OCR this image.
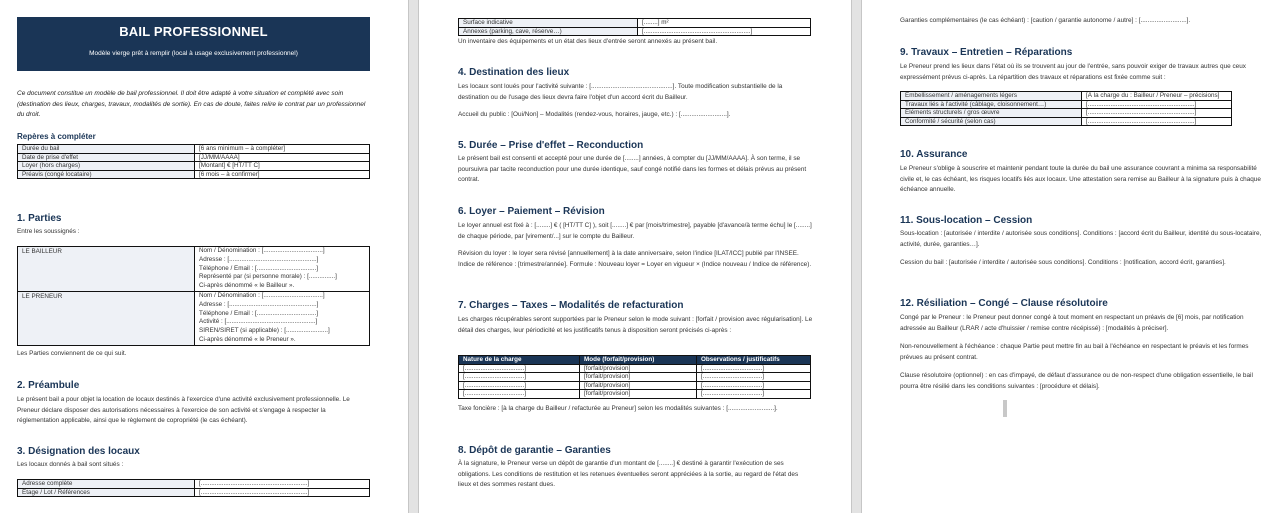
BAIL PROFESSIONNEL
Modèle vierge prêt à remplir (local à usage exclusivement professionnel)
Ce document constitue un modèle de bail professionnel. Il doit être adapté à votre situation et complété avec soin (destination des lieux, charges, travaux, modalités de sortie). En cas de doute, faites relire le contrat par un professionnel du droit.
Repères à compléter
Durée du bail	[6 ans minimum – à compléter]
Date de prise d'effet	[JJ/MM/AAAA]
Loyer (hors charges)	[Montant] € [HT/TT C]
Préavis (congé locataire)	[6 mois – à confirmer]
1. Parties

Entre les soussignés :

LE BAILLEUR	Nom / Dénomination : [..................................]
Adresse : [..................................................]
Téléphone / Email : [..................................]
Représenté par (si personne morale) : [...............]
Ci-après dénommé « le Bailleur ».

LE PRENEUR	Nom / Dénomination : [..................................]
Adresse : [..................................................]
Téléphone / Email : [..................................]
Activité : [...................................................]
SIREN/SIRET (si applicable) : [........................]
Ci-après dénommé « le Preneur ».

Les Parties conviennent de ce qui suit.

2. Préambule

Le présent bail a pour objet la location de locaux destinés à l'exercice d'une activité exclusivement professionnelle. Le Preneur déclare disposer des autorisations nécessaires à l'exercice de son activité et s'engage à respecter la réglementation applicable, ainsi que le règlement de copropriété (le cas échéant).

3. Désignation des locaux

Les locaux donnés à bail sont situés :

Adresse complète	[.............................................................]
Étage / Lot / Références	[.............................................................]
Surface indicative	[........] m²
Annexes (parking, cave, réserve…)	[.............................................................]

Un inventaire des équipements et un état des lieux d'entrée seront annexés au présent bail.

4. Destination des lieux

Les locaux sont loués pour l'activité suivante : [..............................................]. Toute modification substantielle de la destination ou de l'usage des lieux devra faire l'objet d'un accord écrit du Bailleur.

Accueil du public : [Oui/Non] – Modalités (rendez-vous, horaires, jauge, etc.) : [..........................].

5. Durée – Prise d'effet – Reconduction

Le présent bail est consenti et accepté pour une durée de [........] années, à compter du [JJ/MM/AAAA]. À son terme, il se poursuivra par tacite reconduction pour une durée identique, sauf congé notifié dans les formes et délais prévus au présent contrat.

6. Loyer – Paiement – Révision

Le loyer annuel est fixé à : [........] € ( [HT/TT C] ), soit [........] € par [mois/trimestre], payable [d'avance/à terme échu] le [........] de chaque période, par [virement/...] sur le compte du Bailleur.

Révision du loyer : le loyer sera révisé [annuellement] à la date anniversaire, selon l'indice [ILAT/ICC] publié par l'INSEE. Indice de référence : [trimestre/année]. Formule : Nouveau loyer = Loyer en vigueur × (Indice nouveau / Indice de référence).

7. Charges – Taxes – Modalités de refacturation

Les charges récupérables seront supportées par le Preneur selon le mode suivant : [forfait / provision avec régularisation]. Le détail des charges, leur périodicité et les justificatifs tenus à disposition seront précisés ci-après :

Nature de la charge	Mode (forfait/provision)	Observations / justificatifs
[..................................]	[forfait/provision]	[..................................]
[..................................]	[forfait/provision]	[..................................]
[..................................]	[forfait/provision]	[..................................]
[..................................]	[forfait/provision]	[..................................]

Taxe foncière : [à la charge du Bailleur / refacturée au Preneur] selon les modalités suivantes : [..........................].

8. Dépôt de garantie – Garanties

À la signature, le Preneur verse un dépôt de garantie d'un montant de [........] € destiné à garantir l'exécution de ses obligations. Les conditions de restitution et les retenues éventuelles seront appréciées à la sortie, au regard de l'état des lieux et des sommes restant dues.

Garanties complémentaires (le cas échéant) : [caution / garantie autonome / autre] : [..........................].

9. Travaux – Entretien – Réparations

Le Preneur prend les lieux dans l'état où ils se trouvent au jour de l'entrée, sans pouvoir exiger de travaux autres que ceux expressément prévus ci-après. La répartition des travaux et réparations est fixée comme suit :

Embellissement / aménagements légers	[À la charge du : Bailleur / Preneur – précisions]
Travaux liés à l'activité (câblage, cloisonnement…)	[.............................................................]
Éléments structurels / gros œuvre	[.............................................................]
Conformité / sécurité (selon cas)	[.............................................................]
10. Assurance

Le Preneur s'oblige à souscrire et maintenir pendant toute la durée du bail une assurance couvrant a minima sa responsabilité civile et, le cas échéant, les risques locatifs liés aux locaux. Une attestation sera remise au Bailleur à la signature puis à chaque échéance annuelle.

11. Sous-location – Cession

Sous-location : [autorisée / interdite / autorisée sous conditions]. Conditions : [accord écrit du Bailleur, identité du sous-locataire, activité, durée, garanties…].

Cession du bail : [autorisée / interdite / autorisée sous conditions]. Conditions : [notification, accord écrit, garanties].

12. Résiliation – Congé – Clause résolutoire

Congé par le Preneur : le Preneur peut donner congé à tout moment en respectant un préavis de [6] mois, par notification adressée au Bailleur (LRAR / acte d'huissier / remise contre récépissé) : [modalités à préciser].

Non-renouvellement à l'échéance : chaque Partie peut mettre fin au bail à l'échéance en respectant le préavis et les formes prévues au présent contrat.

Clause résolutoire (optionnel) : en cas d'impayé, de défaut d'assurance ou de non-respect d'une obligation essentielle, le bail pourra être résilié dans les conditions suivantes : [procédure et délais].
